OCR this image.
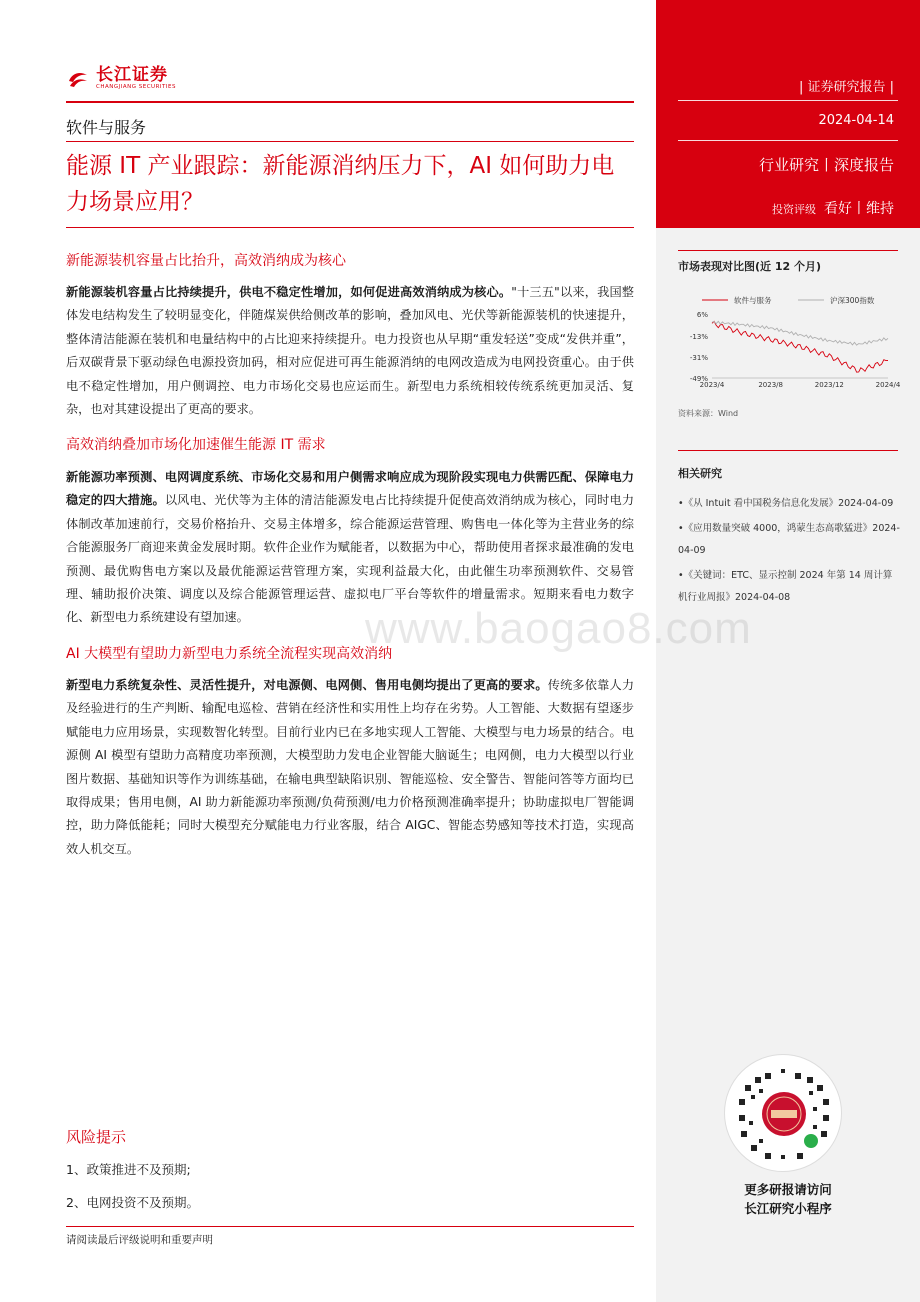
| 证券研究报告 |
2024-04-14
行业研究丨深度报告
投资评级 看好丨维持
市场表现对比图(近 12 个月)
软件与服务	沪深300指数
6%
-13%
-31%
-49%
2023/4	2023/8	2023/12	2024/4
资料来源：Wind
相关研究
•《从 Intuit 看中国税务信息化发展》2024-04-09
•《应用数量突破 4000，鸿蒙生态高歌猛进》2024-04-09
•《关键词：ETC、显示控制 2024 年第 14 周计算机行业周报》2024-04-08
更多研报请访问
长江研究小程序
长江证券
CHANGJIANG SECURITIES
软件与服务
能源 IT 产业跟踪：新能源消纳压力下，AI 如何助力电力场景应用？
新能源装机容量占比抬升，高效消纳成为核心
新能源装机容量占比持续提升，供电不稳定性增加，如何促进高效消纳成为核心。"十三五"以来，我国整体发电结构发生了较明显变化，伴随煤炭供给侧改革的影响，叠加风电、光伏等新能源装机的快速提升，整体清洁能源在装机和电量结构中的占比迎来持续提升。电力投资也从早期“重发轻送”变成“发供并重”，后双碳背景下驱动绿色电源投资加码，相对应促进可再生能源消纳的电网改造成为电网投资重心。由于供电不稳定性增加，用户侧调控、电力市场化交易也应运而生。新型电力系统相较传统系统更加灵活、复杂，也对其建设提出了更高的要求。
高效消纳叠加市场化加速催生能源 IT 需求
新能源功率预测、电网调度系统、市场化交易和用户侧需求响应成为现阶段实现电力供需匹配、保障电力稳定的四大措施。以风电、光伏等为主体的清洁能源发电占比持续提升促使高效消纳成为核心，同时电力体制改革加速前行，交易价格抬升、交易主体增多，综合能源运营管理、购售电一体化等为主营业务的综合能源服务厂商迎来黄金发展时期。软件企业作为赋能者，以数据为中心，帮助使用者探求最准确的发电预测、最优购售电方案以及最优能源运营管理方案，实现利益最大化，由此催生功率预测软件、交易管理、辅助报价决策、调度以及综合能源管理运营、虚拟电厂平台等软件的增量需求。短期来看电力数字化、新型电力系统建设有望加速。
AI 大模型有望助力新型电力系统全流程实现高效消纳
新型电力系统复杂性、灵活性提升，对电源侧、电网侧、售用电侧均提出了更高的要求。传统多依靠人力及经验进行的生产判断、输配电巡检、营销在经济性和实用性上均存在劣势。人工智能、大数据有望逐步赋能电力应用场景，实现数智化转型。目前行业内已在多地实现人工智能、大模型与电力场景的结合。电源侧 AI 模型有望助力高精度功率预测，大模型助力发电企业智能大脑诞生；电网侧，电力大模型以行业图片数据、基础知识等作为训练基础，在输电典型缺陷识别、智能巡检、安全警告、智能问答等方面均已取得成果；售用电侧，AI 助力新能源功率预测/负荷预测/电力价格预测准确率提升；协助虚拟电厂智能调控，助力降低能耗；同时大模型充分赋能电力行业客服，结合 AIGC、智能态势感知等技术打造，实现高效人机交互。
www.baogao8.com
风险提示
1、政策推进不及预期;
2、电网投资不及预期。
请阅读最后评级说明和重要声明
